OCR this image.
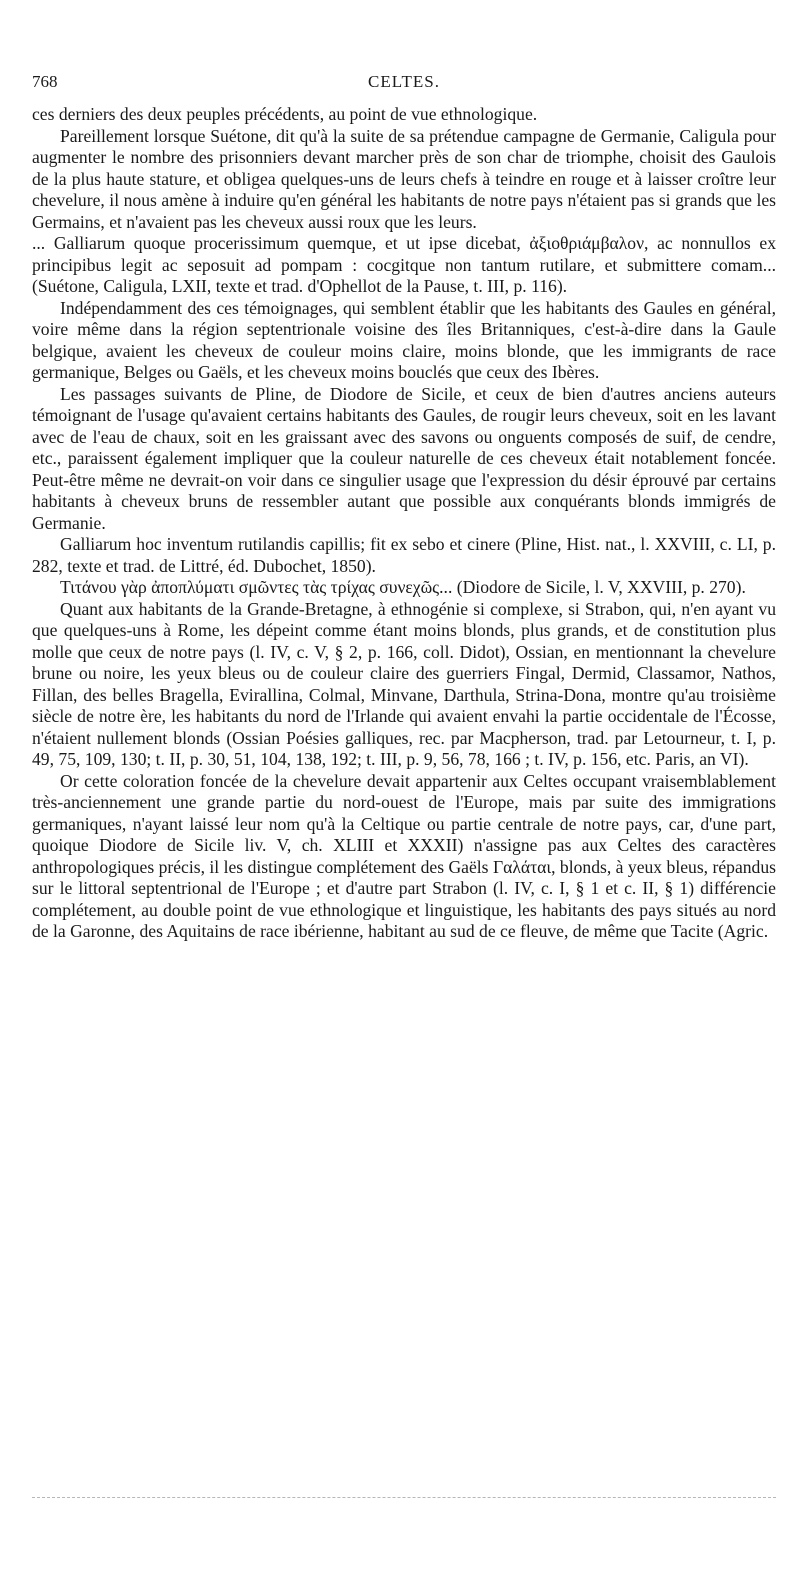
768	CELTES.

ces derniers des deux peuples précédents, au point de vue ethnologique.

Pareillement lorsque Suétone, dit qu'à la suite de sa prétendue campagne de Germanie, Caligula pour augmenter le nombre des prisonniers devant marcher près de son char de triomphe, choisit des Gaulois de la plus haute stature, et obligea quelques-uns de leurs chefs à teindre en rouge et à laisser croître leur chevelure, il nous amène à induire qu'en général les habitants de notre pays n'étaient pas si grands que les Germains, et n'avaient pas les cheveux aussi roux que les leurs.

... Galliarum quoque procerissimum quemque, et ut ipse dicebat, ἀξιοθριάμβαλον, ac nonnullos ex principibus legit ac seposuit ad pompam : cocgitque non tantum rutilare, et submittere comam... (Suétone, Caligula, LXII, texte et trad. d'Ophellot de la Pause, t. III, p. 116).

Indépendamment des ces témoignages, qui semblent établir que les habitants des Gaules en général, voire même dans la région septentrionale voisine des îles Britanniques, c'est-à-dire dans la Gaule belgique, avaient les cheveux de couleur moins claire, moins blonde, que les immigrants de race germanique, Belges ou Gaëls, et les cheveux moins bouclés que ceux des Ibères.

Les passages suivants de Pline, de Diodore de Sicile, et ceux de bien d'autres anciens auteurs témoignant de l'usage qu'avaient certains habitants des Gaules, de rougir leurs cheveux, soit en les lavant avec de l'eau de chaux, soit en les graissant avec des savons ou onguents composés de suif, de cendre, etc., paraissent également impliquer que la couleur naturelle de ces cheveux était notablement foncée. Peut-être même ne devrait-on voir dans ce singulier usage que l'expression du désir éprouvé par certains habitants à cheveux bruns de ressembler autant que possible aux conquérants blonds immigrés de Germanie.

Galliarum hoc inventum rutilandis capillis; fit ex sebo et cinere (Pline, Hist. nat., l. XXVIII, c. LI, p. 282, texte et trad. de Littré, éd. Dubochet, 1850).

Τιτάνου γὰρ ἀποπλύματι σμῶντες τὰς τρίχας συνεχῶς... (Diodore de Sicile, l. V, XXVIII, p. 270).

Quant aux habitants de la Grande-Bretagne, à ethnogénie si complexe, si Strabon, qui, n'en ayant vu que quelques-uns à Rome, les dépeint comme étant moins blonds, plus grands, et de constitution plus molle que ceux de notre pays (l. IV, c. V, § 2, p. 166, coll. Didot), Ossian, en mentionnant la chevelure brune ou noire, les yeux bleus ou de couleur claire des guerriers Fingal, Dermid, Classamor, Nathos, Fillan, des belles Bragella, Evirallina, Colmal, Minvane, Darthula, Strina-Dona, montre qu'au troisième siècle de notre ère, les habitants du nord de l'Irlande qui avaient envahi la partie occidentale de l'Écosse, n'étaient nullement blonds (Ossian Poésies galliques, rec. par Macpherson, trad. par Letourneur, t. I, p. 49, 75, 109, 130; t. II, p. 30, 51, 104, 138, 192; t. III, p. 9, 56, 78, 166 ; t. IV, p. 156, etc. Paris, an VI).

Or cette coloration foncée de la chevelure devait appartenir aux Celtes occupant vraisemblablement très-anciennement une grande partie du nord-ouest de l'Europe, mais par suite des immigrations germaniques, n'ayant laissé leur nom qu'à la Celtique ou partie centrale de notre pays, car, d'une part, quoique Diodore de Sicile liv. V, ch. XLIII et XXXII) n'assigne pas aux Celtes des caractères anthropologiques précis, il les distingue complétement des Gaëls Γαλάται, blonds, à yeux bleus, répandus sur le littoral septentrional de l'Europe ; et d'autre part Strabon (l. IV, c. I, § 1 et c. II, § 1) différencie complétement, au double point de vue ethnologique et linguistique, les habitants des pays situés au nord de la Garonne, des Aquitains de race ibérienne, habitant au sud de ce fleuve, de même que Tacite (Agric.
